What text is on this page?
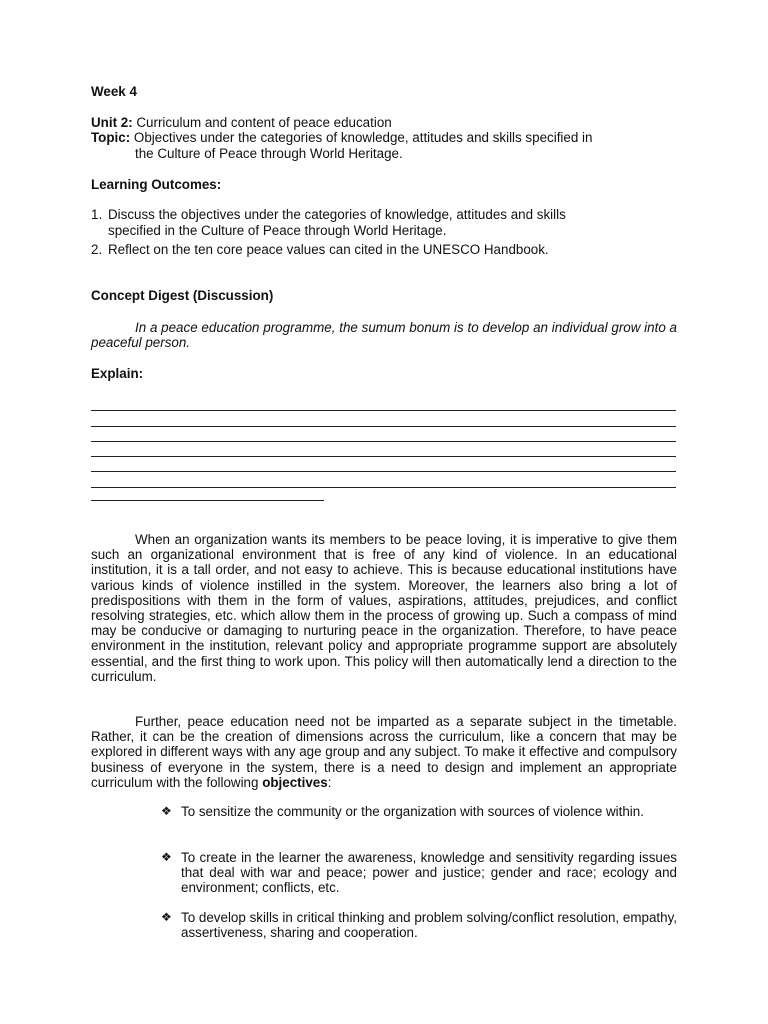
Week 4
Unit 2: Curriculum and content of peace education
Topic: Objectives under the categories of knowledge, attitudes and skills specified in
the Culture of Peace through World Heritage.
Learning Outcomes:
1. Discuss the objectives under the categories of knowledge, attitudes and skills
specified in the Culture of Peace through World Heritage.
2. Reflect on the ten core peace values can cited in the UNESCO Handbook.
Concept Digest (Discussion)

In a peace education programme, the sumum bonum is to develop an individual grow into a peaceful person.

Explain:

When an organization wants its members to be peace loving, it is imperative to give them such an organizational environment that is free of any kind of violence. In an educational institution, it is a tall order, and not easy to achieve. This is because educational institutions have various kinds of violence instilled in the system. Moreover, the learners also bring a lot of predispositions with them in the form of values, aspirations, attitudes, prejudices, and conflict resolving strategies, etc. which allow them in the process of growing up. Such a compass of mind may be conducive or damaging to nurturing peace in the organization. Therefore, to have peace environment in the institution, relevant policy and appropriate programme support are absolutely essential, and the first thing to work upon. This policy will then automatically lend a direction to the curriculum.

Further, peace education need not be imparted as a separate subject in the timetable. Rather, it can be the creation of dimensions across the curriculum, like a concern that may be explored in different ways with any age group and any subject. To make it effective and compulsory business of everyone in the system, there is a need to design and implement an appropriate curriculum with the following objectives:

❖ To sensitize the community or the organization with sources of violence within.

❖ To create in the learner the awareness, knowledge and sensitivity regarding issues that deal with war and peace; power and justice; gender and race; ecology and environment; conflicts, etc.

❖ To develop skills in critical thinking and problem solving/conflict resolution, empathy, assertiveness, sharing and cooperation.
